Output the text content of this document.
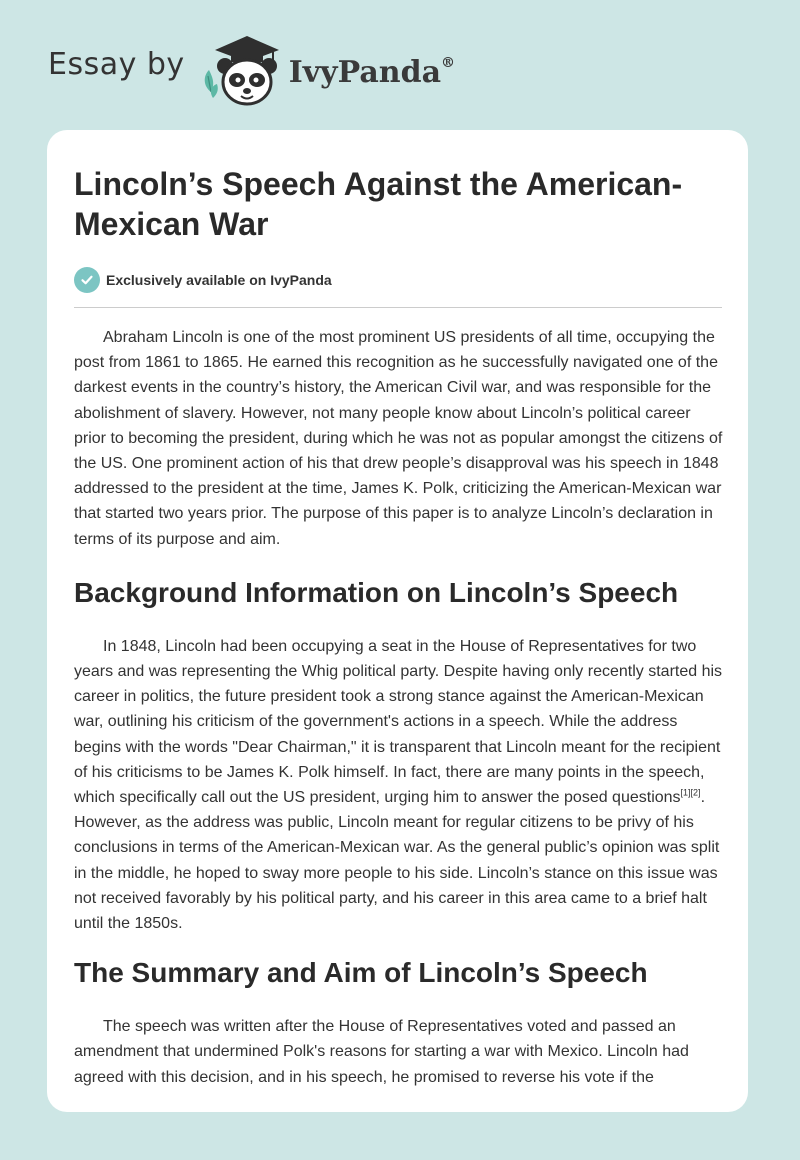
Essay by	IvyPanda®
Lincoln’s Speech Against the American-Mexican War
Exclusively available on IvyPanda

Abraham Lincoln is one of the most prominent US presidents of all time, occupying the post from 1861 to 1865. He earned this recognition as he successfully navigated one of the darkest events in the country’s history, the American Civil war, and was responsible for the abolishment of slavery. However, not many people know about Lincoln’s political career prior to becoming the president, during which he was not as popular amongst the citizens of the US. One prominent action of his that drew people’s disapproval was his speech in 1848 addressed to the president at the time, James K. Polk, criticizing the American-Mexican war that started two years prior. The purpose of this paper is to analyze Lincoln’s declaration in terms of its purpose and aim.

Background Information on Lincoln’s Speech

In 1848, Lincoln had been occupying a seat in the House of Representatives for two years and was representing the Whig political party. Despite having only recently started his career in politics, the future president took a strong stance against the American-Mexican war, outlining his criticism of the government's actions in a speech. While the address begins with the words "Dear Chairman," it is transparent that Lincoln meant for the recipient of his criticisms to be James K. Polk himself. In fact, there are many points in the speech, which specifically call out the US president, urging him to answer the posed questions[1][2]. However, as the address was public, Lincoln meant for regular citizens to be privy of his conclusions in terms of the American-Mexican war. As the general public’s opinion was split in the middle, he hoped to sway more people to his side. Lincoln’s stance on this issue was not received favorably by his political party, and his career in this area came to a brief halt until the 1850s.

The Summary and Aim of Lincoln’s Speech

The speech was written after the House of Representatives voted and passed an amendment that undermined Polk's reasons for starting a war with Mexico. Lincoln had agreed with this decision, and in his speech, he promised to reverse his vote if the
